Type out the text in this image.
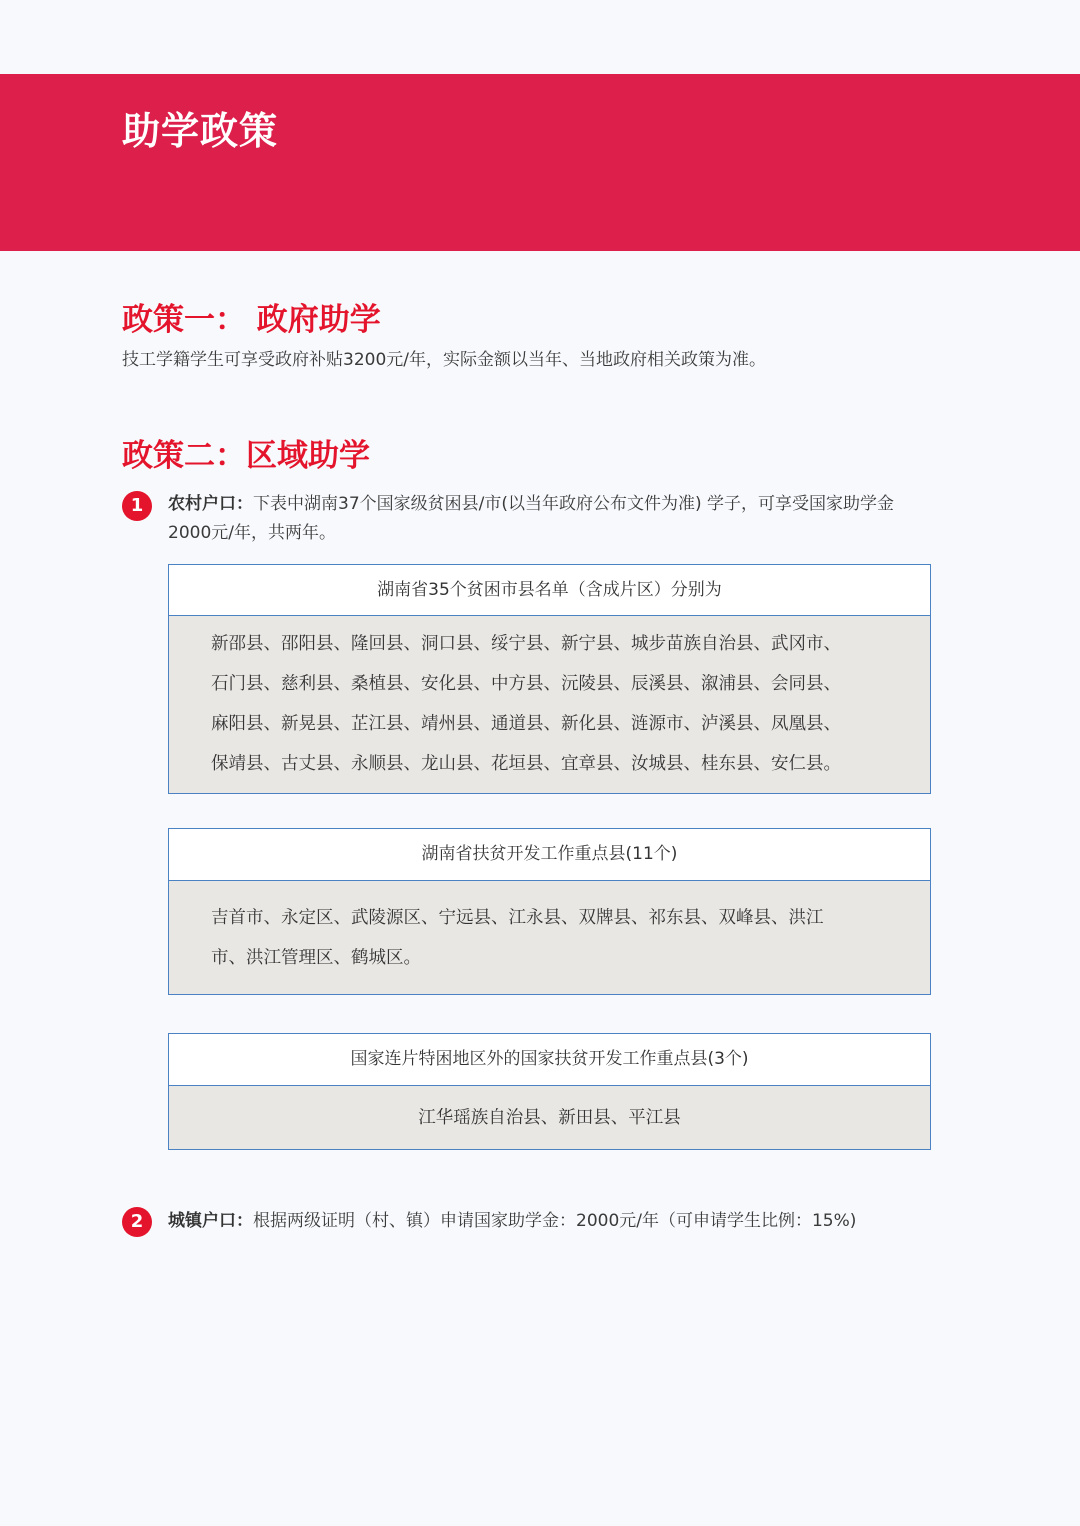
助学政策
政策一： 政府助学
技工学籍学生可享受政府补贴3200元/年，实际金额以当年、当地政府相关政策为准。
政策二：区域助学
1	农村户口：下表中湖南37个国家级贫困县/市(以当年政府公布文件为准) 学子，可享受国家助学金2000元/年，共两年。
湖南省35个贫困市县名单（含成片区）分别为
新邵县、邵阳县、隆回县、洞口县、绥宁县、新宁县、城步苗族自治县、武冈市、
石门县、慈利县、桑植县、安化县、中方县、沅陵县、辰溪县、溆浦县、会同县、
麻阳县、新晃县、芷江县、靖州县、通道县、新化县、涟源市、泸溪县、凤凰县、
保靖县、古丈县、永顺县、龙山县、花垣县、宜章县、汝城县、桂东县、安仁县。
湖南省扶贫开发工作重点县(11个)
吉首市、永定区、武陵源区、宁远县、江永县、双牌县、祁东县、双峰县、洪江
市、洪江管理区、鹤城区。
国家连片特困地区外的国家扶贫开发工作重点县(3个)
江华瑶族自治县、新田县、平江县
2	城镇户口：根据两级证明（村、镇）申请国家助学金：2000元/年（可申请学生比例：15%)
